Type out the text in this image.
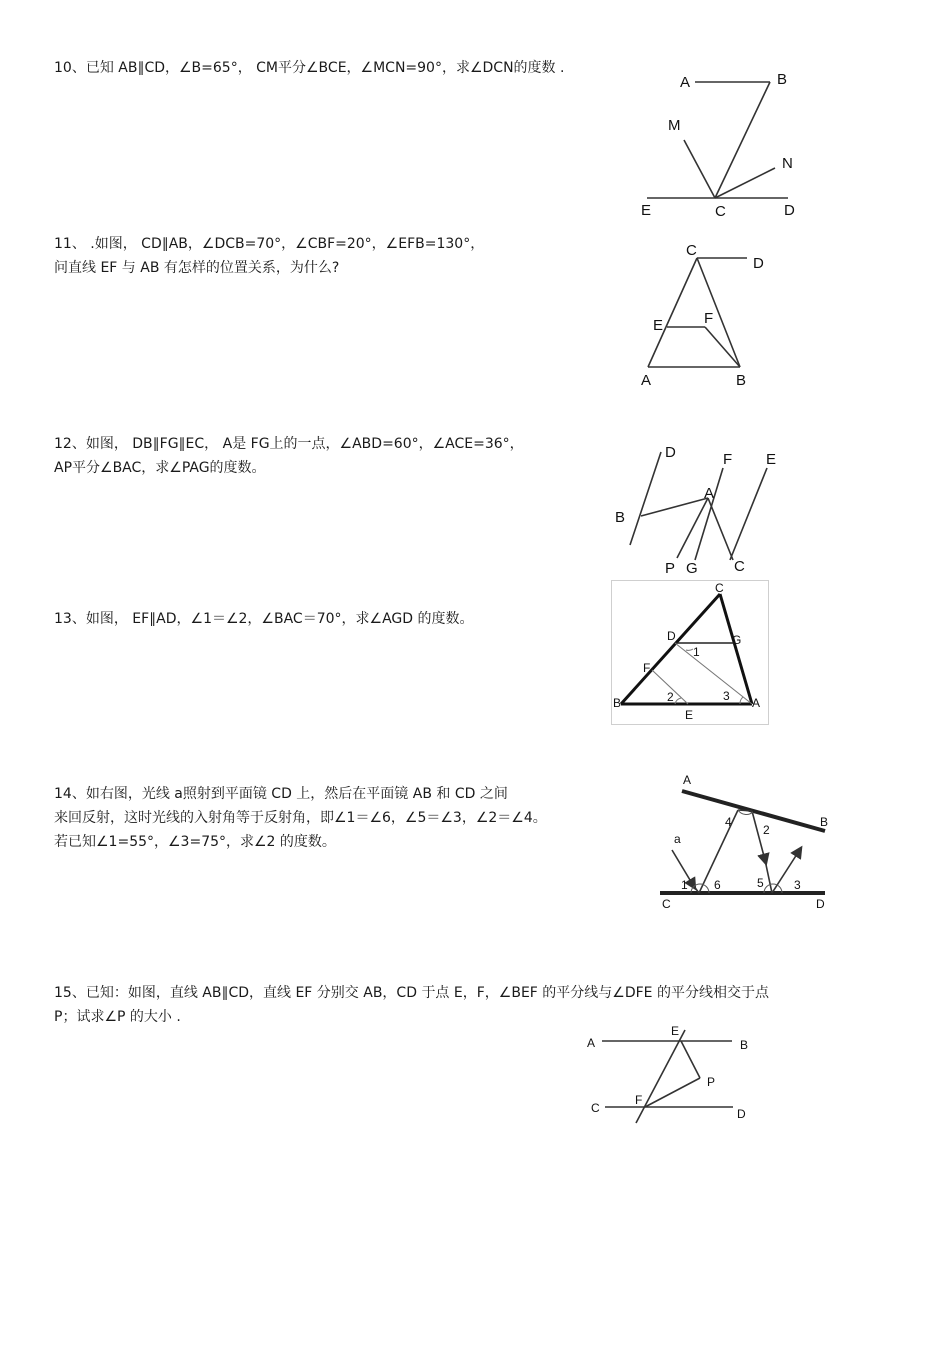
10、已知 AB∥CD，∠B=65°， CM平分∠BCE，∠MCN=90°，求∠DCN的度数 .
11、 .如图， CD∥AB，∠DCB=70°，∠CBF=20°，∠EFB=130°，
问直线 EF 与 AB 有怎样的位置关系，为什么?
12、如图， DB∥FG∥EC， A是 FG上的一点，∠ABD=60°，∠ACE=36°，
AP平分∠BAC，求∠PAG的度数。
13、如图， EF∥AD，∠1＝∠2，∠BAC＝70°，求∠AGD 的度数。
14、如右图，光线 a照射到平面镜 CD 上，然后在平面镜 AB 和 CD 之间
来回反射，这时光线的入射角等于反射角，即∠1＝∠6，∠5＝∠3，∠2＝∠4。
若已知∠1=55°，∠3=75°，求∠2 的度数。
15、已知：如图，直线 AB∥CD，直线 EF 分别交 AB，CD 于点 E，F，∠BEF 的平分线与∠DFE 的平分线相交于点
P；试求∠P 的大小 .
A	B
M
N
E	C	D
C
D
E	F
A	B
D	F E
A
B
P G C
C
D	G
1
F
2	3
B
E
A
A
B
a
4
2
1 6	5	3
C	D
A
E
B
P
C
F
D
